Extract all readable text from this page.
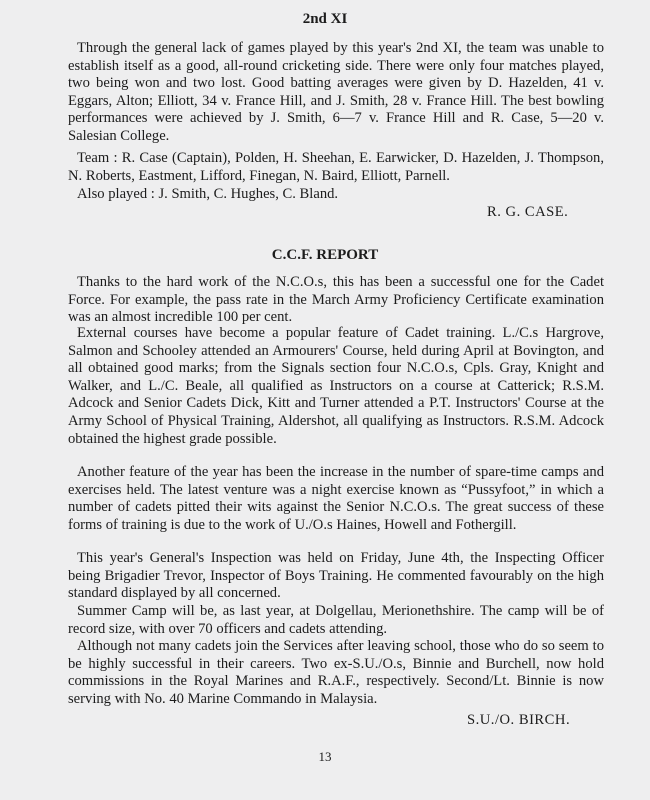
2nd XI

Through the general lack of games played by this year's 2nd XI, the team was unable to establish itself as a good, all-round cricketing side. There were only four matches played, two being won and two lost. Good batting averages were given by D. Hazelden, 41 v. Eggars, Alton; Elliott, 34 v. France Hill, and J. Smith, 28 v. France Hill. The best bowling performances were achieved by J. Smith, 6—7 v. France Hill and R. Case, 5—20 v. Salesian College.

Team : R. Case (Captain), Polden, H. Sheehan, E. Earwicker, D. Hazelden, J. Thompson, N. Roberts, Eastment, Lifford, Finegan, N. Baird, Elliott, Parnell.

Also played : J. Smith, C. Hughes, C. Bland.

R. G. CASE.
C.C.F. REPORT

Thanks to the hard work of the N.C.O.s, this has been a successful one for the Cadet Force. For example, the pass rate in the March Army Proficiency Certificate examination was an almost incredible 100 per cent.

External courses have become a popular feature of Cadet training. L./C.s Hargrove, Salmon and Schooley attended an Armourers' Course, held during April at Bovington, and all obtained good marks; from the Signals section four N.C.O.s, Cpls. Gray, Knight and Walker, and L./C. Beale, all qualified as Instructors on a course at Catterick; R.S.M. Adcock and Senior Cadets Dick, Kitt and Turner attended a P.T. Instructors' Course at the Army School of Physical Training, Aldershot, all qualifying as Instructors. R.S.M. Adcock obtained the highest grade possible.

Another feature of the year has been the increase in the number of spare-time camps and exercises held. The latest venture was a night exercise known as “Pussyfoot,” in which a number of cadets pitted their wits against the Senior N.C.O.s. The great success of these forms of training is due to the work of U./O.s Haines, Howell and Fothergill.

This year's General's Inspection was held on Friday, June 4th, the Inspecting Officer being Brigadier Trevor, Inspector of Boys Training. He commented favourably on the high standard displayed by all concerned.

Summer Camp will be, as last year, at Dolgellau, Merionethshire. The camp will be of record size, with over 70 officers and cadets attending.

Although not many cadets join the Services after leaving school, those who do so seem to be highly successful in their careers. Two ex-S.U./O.s, Binnie and Burchell, now hold commissions in the Royal Marines and R.A.F., respectively. Second/Lt. Binnie is now serving with No. 40 Marine Commando in Malaysia.

S.U./O. BIRCH.
13
